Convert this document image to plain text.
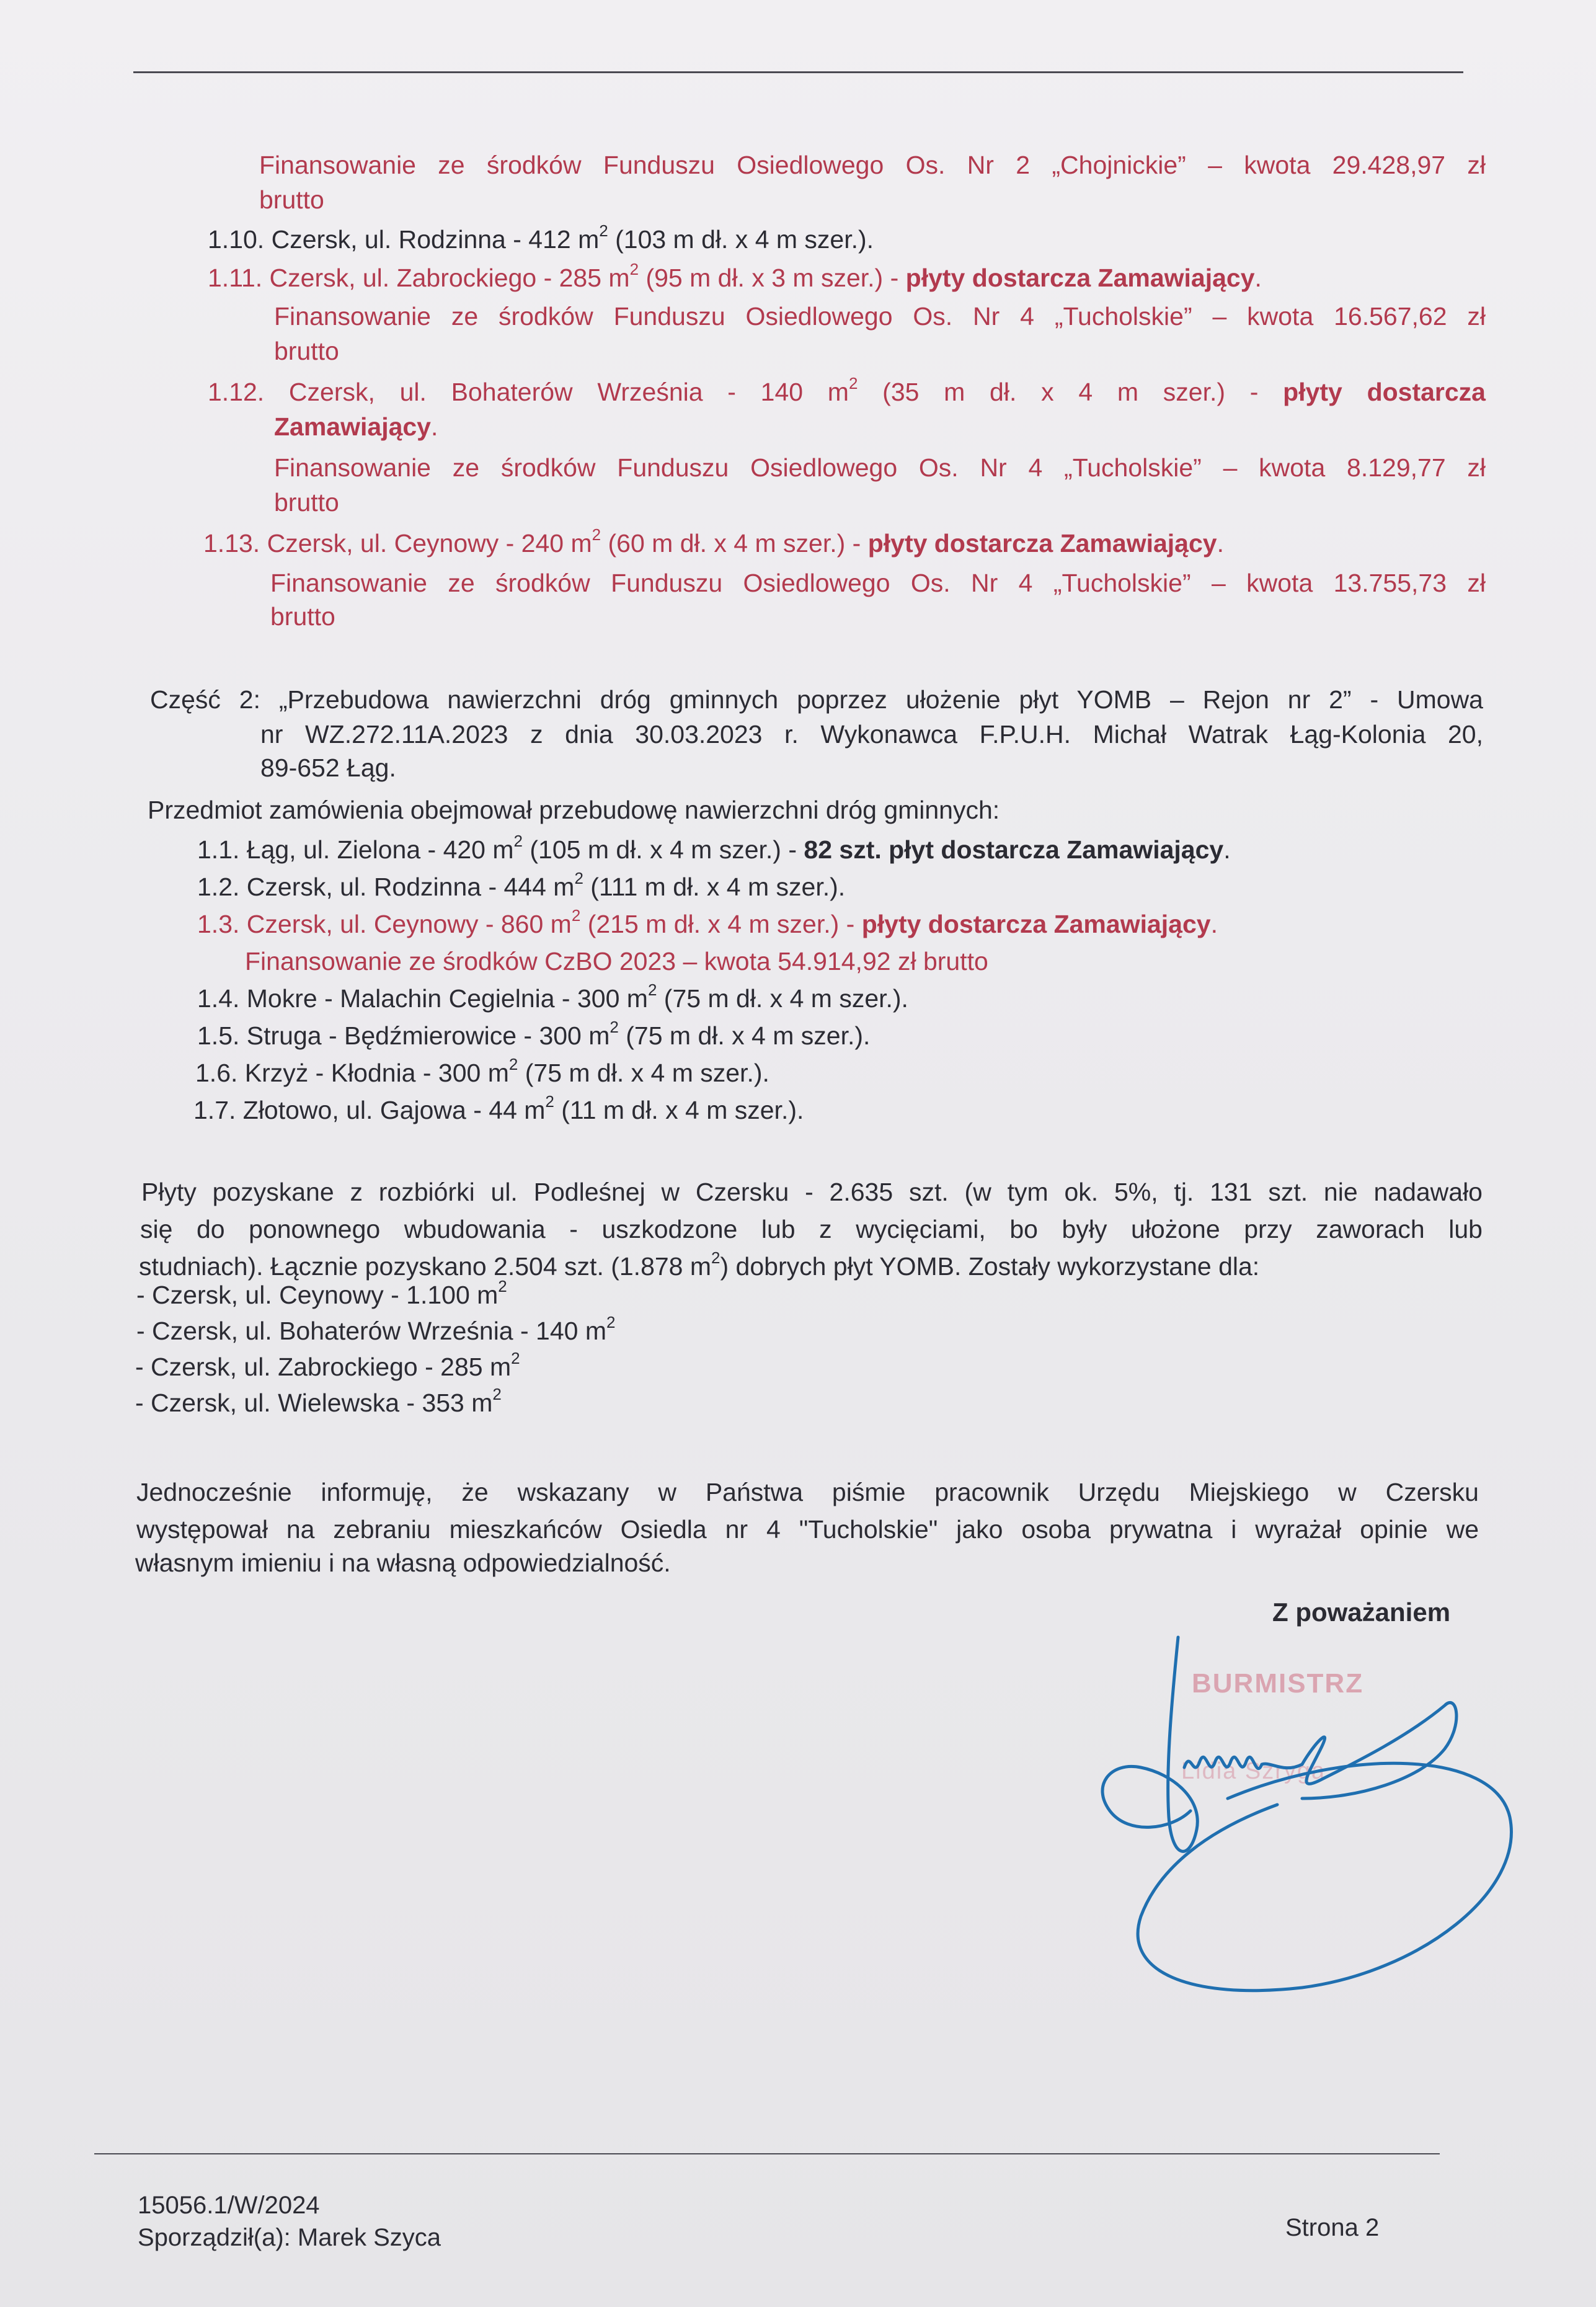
Finansowanie ze środków Funduszu Osiedlowego Os. Nr 2 „Chojnickie” – kwota 29.428,97 zł
brutto
1.10. Czersk, ul. Rodzinna - 412 $m^2$ (103 m dł. x 4 m szer.).
1.11. Czersk, ul. Zabrockiego - 285 $m^2$ (95 m dł. x 3 m szer.) - płyty dostarcza Zamawiający.
Finansowanie ze środków Funduszu Osiedlowego Os. Nr 4 „Tucholskie” – kwota 16.567,62 zł
brutto
1.12. Czersk, ul. Bohaterów Września - 140 $m^2$ (35 m dł. x 4 m szer.) - płyty dostarcza
Zamawiający.
Finansowanie ze środków Funduszu Osiedlowego Os. Nr 4 „Tucholskie” – kwota 8.129,77 zł
brutto
1.13. Czersk, ul. Ceynowy - 240 $m^2$ (60 m dł. x 4 m szer.) - płyty dostarcza Zamawiający.
Finansowanie ze środków Funduszu Osiedlowego Os. Nr 4 „Tucholskie” – kwota 13.755,73 zł
brutto
Część 2: „Przebudowa nawierzchni dróg gminnych poprzez ułożenie płyt YOMB – Rejon nr 2” - Umowa
nr WZ.272.11A.2023 z dnia 30.03.2023 r. Wykonawca F.P.U.H. Michał Watrak Łąg-Kolonia 20,
89-652 Łąg.
Przedmiot zamówienia obejmował przebudowę nawierzchni dróg gminnych:
1.1. Łąg, ul. Zielona - 420 $m^2$ (105 m dł. x 4 m szer.) - 82 szt. płyt dostarcza Zamawiający.
1.2. Czersk, ul. Rodzinna - 444 $m^2$ (111 m dł. x 4 m szer.).
1.3. Czersk, ul. Ceynowy - 860 $m^2$ (215 m dł. x 4 m szer.) - płyty dostarcza Zamawiający.
Finansowanie ze środków CzBO 2023 – kwota 54.914,92 zł brutto
1.4. Mokre - Malachin Cegielnia - 300 $m^2$ (75 m dł. x 4 m szer.).
1.5. Struga - Będźmierowice - 300 $m^2$ (75 m dł. x 4 m szer.).
1.6. Krzyż - Kłodnia - 300 $m^2$ (75 m dł. x 4 m szer.).
1.7. Złotowo, ul. Gajowa - 44 $m^2$ (11 m dł. x 4 m szer.).
Płyty pozyskane z rozbiórki ul. Podleśnej w Czersku - 2.635 szt. (w tym ok. 5%, tj. 131 szt. nie nadawało
się do ponownego wbudowania - uszkodzone lub z wycięciami, bo były ułożone przy zaworach lub
studniach). Łącznie pozyskano 2.504 szt. (1.878 $m^2$) dobrych płyt YOMB. Zostały wykorzystane dla:
- Czersk, ul. Ceynowy - 1.100 $m^2$
- Czersk, ul. Bohaterów Września - 140 $m^2$
- Czersk, ul. Zabrockiego - 285 $m^2$
- Czersk, ul. Wielewska - 353 $m^2$
Jednocześnie informuję, że wskazany w Państwa piśmie pracownik Urzędu Miejskiego w Czersku
występował na zebraniu mieszkańców Osiedla nr 4 "Tucholskie" jako osoba prywatna i wyrażał opinie we
własnym imieniu i na własną odpowiedzialność.
Z poważaniem
BURMISTRZ
Lidia Szryga
15056.1/W/2024
Sporządził(a): Marek Szyca	Strona 2
